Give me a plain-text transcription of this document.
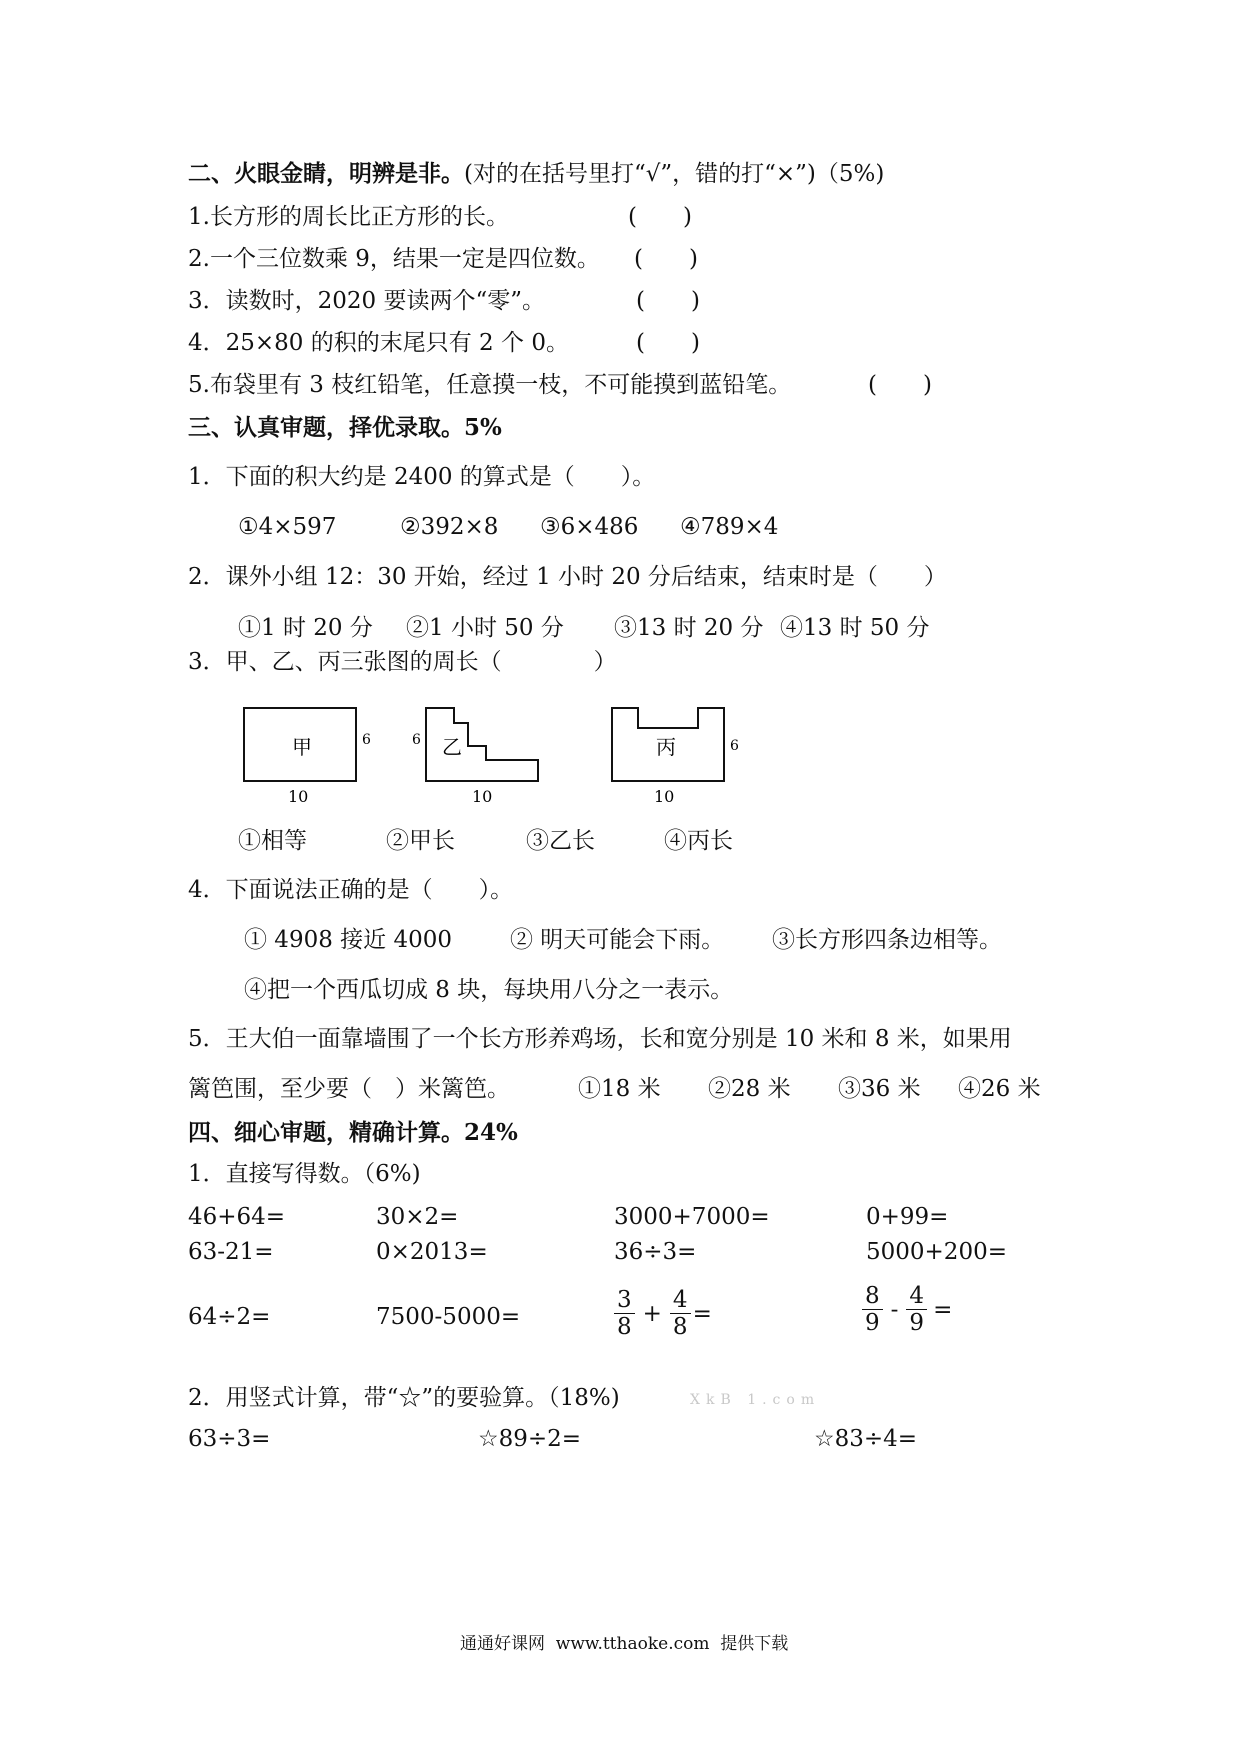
二、火眼金睛，明辨是非。(对的在括号里打“√”，错的打“×”)（5%)
1.长方形的周长比正方形的长。	(　　)
2.一个三位数乘 9，结果一定是四位数。 (　　)
3．读数时，2020 要读两个“零”。	(　　)
4．25×80 的积的末尾只有 2 个 0。	(　　)
5.布袋里有 3 枝红铅笔，任意摸一枝，不可能摸到蓝铅笔。	(　　)
三、认真审题，择优录取。5%
1．下面的积大约是 2400 的算式是（　　）。
①4×597	②392×8 ③6×486 ④789×4
2．课外小组 12：30 开始，经过 1 小时 20 分后结束，结束时是（　　）
①1 时 20 分 ②1 小时 50 分 ③13 时 20 分 ④13 时 50 分
3．甲、乙、丙三张图的周长（　　　　）
甲	6
10
乙
6
10
丙	6
10
①相等	②甲长	③乙长	④丙长
4．下面说法正确的是（　　）。
① 4908 接近 4000	② 明天可能会下雨。 ③长方形四条边相等。
④把一个西瓜切成 8 块，每块用八分之一表示。
5．王大伯一面靠墙围了一个长方形养鸡场，长和宽分别是 10 米和 8 米，如果用
篱笆围，至少要（　）米篱笆。	①18 米 ②28 米 ③36 米 ④26 米
四、细心审题，精确计算。24%
1．直接写得数。（6%)
46+64=	30×2=	3000+7000=	0+99=
63-21=	0×2013=	36÷3=	5000+200=
64÷2=	7500-5000=	$\frac{3}{8} + \frac{4}{8}$ =	$\frac{8}{9} - \frac{4}{9}$ =
2．用竖式计算，带“☆”的要验算。（18%)	XkB 1.com
63÷3=	☆89÷2=	☆83÷4=
通通好课网  www.tthaoke.com  提供下载
